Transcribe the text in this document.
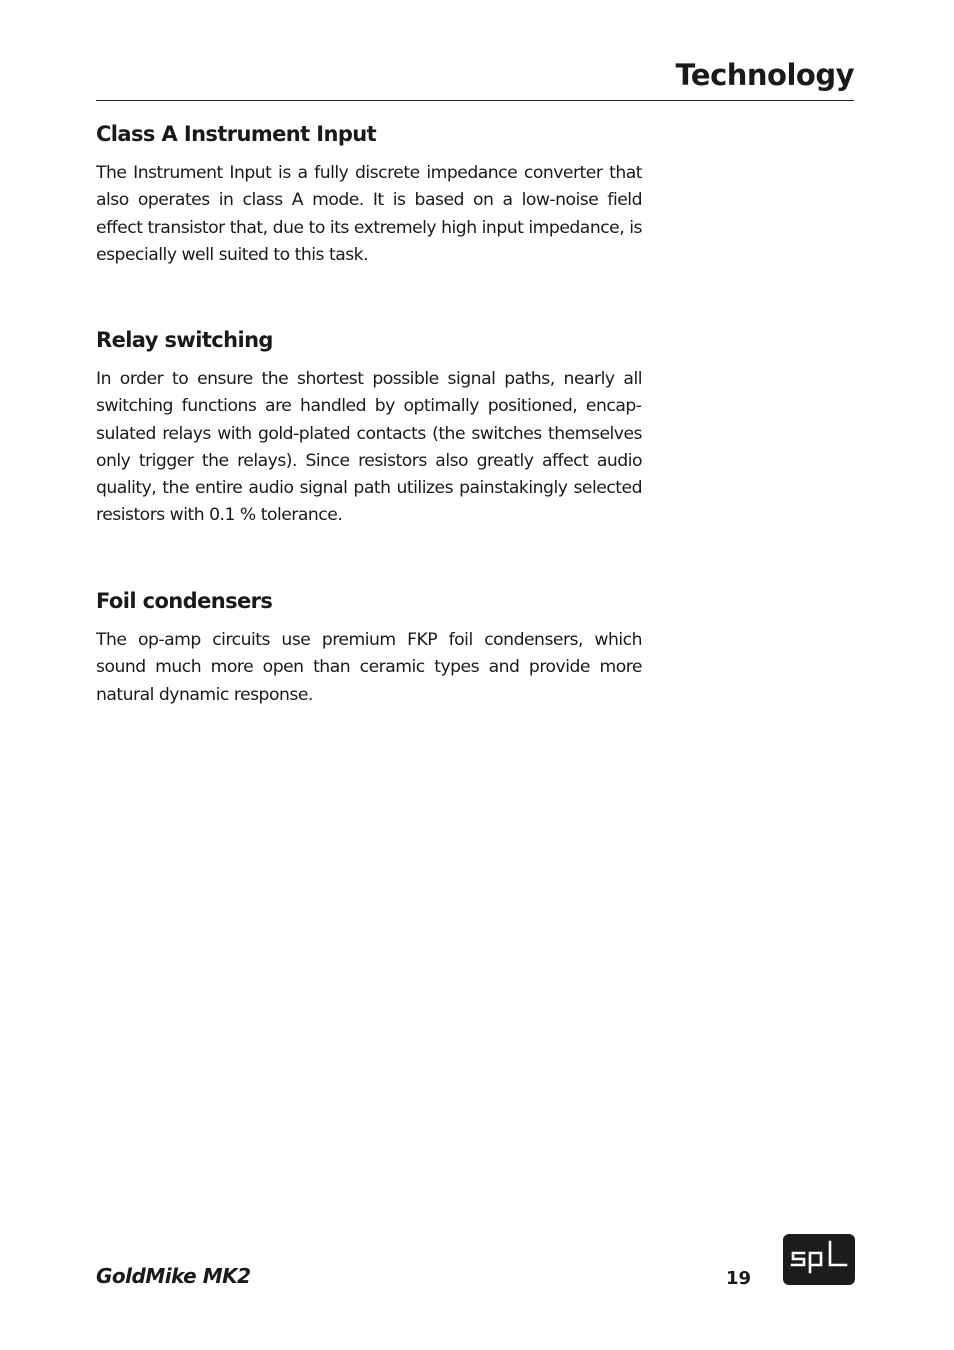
Technology
Class A Instrument Input

The Instrument Input is a fully discrete impedance converter that also operates in class A mode. It is based on a low-noise field effect transistor that, due to its extremely high input impedance, is especially well suited to this task.

Relay switching

In order to ensure the shortest possible signal paths, nearly all switching functions are handled by optimally positioned, encapsulated relays with gold-plated contacts (the switches themselves only trigger the relays). Since resistors also greatly affect audio quality, the entire audio signal path utilizes painstakingly selected resistors with 0.1 % tolerance.

Foil condensers

The op-amp circuits use premium FKP foil condensers, which sound much more open than ceramic types and provide more natural dynamic response.

GoldMike MK2	19
